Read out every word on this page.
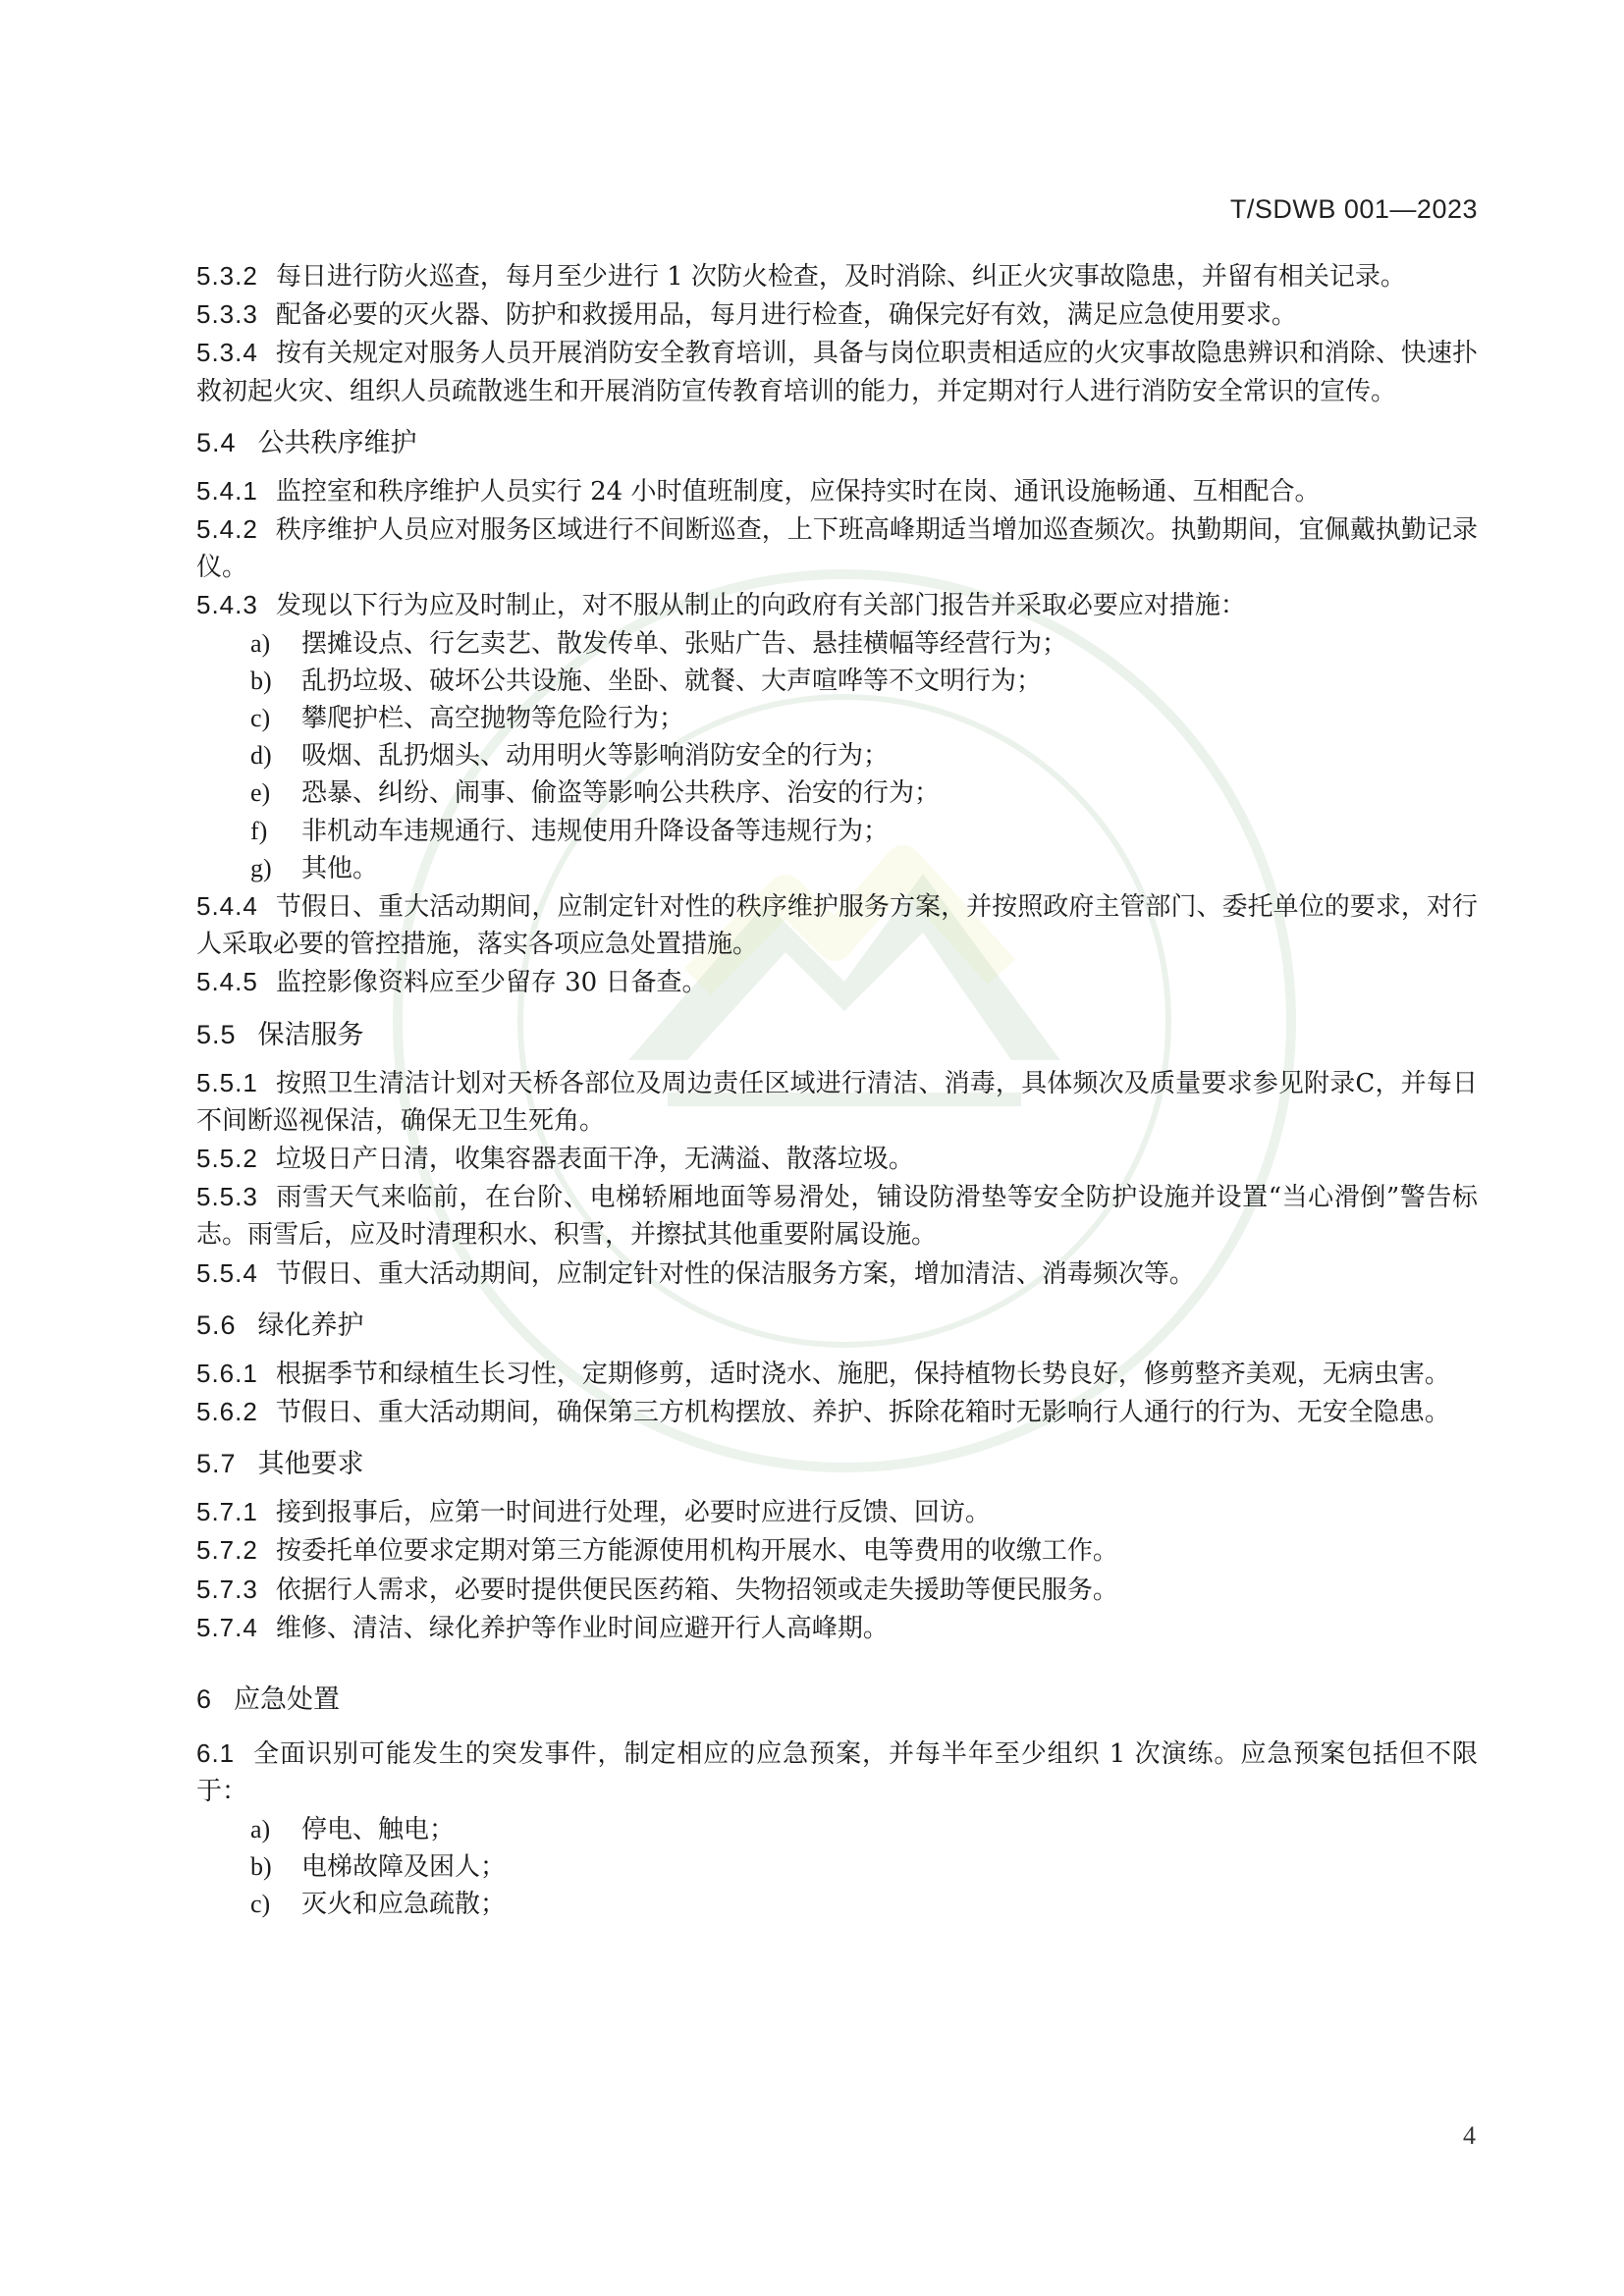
T/SDWB 001—2023

5.3.2 每日进行防火巡查，每月至少进行 1 次防火检查，及时消除、纠正火灾事故隐患，并留有相关记录。

5.3.3 配备必要的灭火器、防护和救援用品，每月进行检查，确保完好有效，满足应急使用要求。

5.3.4 按有关规定对服务人员开展消防安全教育培训，具备与岗位职责相适应的火灾事故隐患辨识和消除、快速扑救初起火灾、组织人员疏散逃生和开展消防宣传教育培训的能力，并定期对行人进行消防安全常识的宣传。

5.4 公共秩序维护

5.4.1 监控室和秩序维护人员实行 24 小时值班制度，应保持实时在岗、通讯设施畅通、互相配合。

5.4.2 秩序维护人员应对服务区域进行不间断巡查，上下班高峰期适当增加巡查频次。执勤期间，宜佩戴执勤记录仪。

5.4.3 发现以下行为应及时制止，对不服从制止的向政府有关部门报告并采取必要应对措施：

a) 摆摊设点、行乞卖艺、散发传单、张贴广告、悬挂横幅等经营行为；
b) 乱扔垃圾、破坏公共设施、坐卧、就餐、大声喧哗等不文明行为；
c) 攀爬护栏、高空抛物等危险行为；
d) 吸烟、乱扔烟头、动用明火等影响消防安全的行为；
e) 恐暴、纠纷、闹事、偷盗等影响公共秩序、治安的行为；
f) 非机动车违规通行、违规使用升降设备等违规行为；
g) 其他。

5.4.4 节假日、重大活动期间，应制定针对性的秩序维护服务方案，并按照政府主管部门、委托单位的要求，对行人采取必要的管控措施，落实各项应急处置措施。

5.4.5 监控影像资料应至少留存 30 日备查。

5.5 保洁服务

5.5.1 按照卫生清洁计划对天桥各部位及周边责任区域进行清洁、消毒，具体频次及质量要求参见附录C，并每日不间断巡视保洁，确保无卫生死角。

5.5.2 垃圾日产日清，收集容器表面干净，无满溢、散落垃圾。

5.5.3 雨雪天气来临前，在台阶、电梯轿厢地面等易滑处，铺设防滑垫等安全防护设施并设置“当心滑倒”警告标志。雨雪后，应及时清理积水、积雪，并擦拭其他重要附属设施。

5.5.4 节假日、重大活动期间，应制定针对性的保洁服务方案，增加清洁、消毒频次等。

5.6 绿化养护

5.6.1 根据季节和绿植生长习性，定期修剪，适时浇水、施肥，保持植物长势良好，修剪整齐美观，无病虫害。

5.6.2 节假日、重大活动期间，确保第三方机构摆放、养护、拆除花箱时无影响行人通行的行为、无安全隐患。

5.7 其他要求

5.7.1 接到报事后，应第一时间进行处理，必要时应进行反馈、回访。

5.7.2 按委托单位要求定期对第三方能源使用机构开展水、电等费用的收缴工作。

5.7.3 依据行人需求，必要时提供便民医药箱、失物招领或走失援助等便民服务。

5.7.4 维修、清洁、绿化养护等作业时间应避开行人高峰期。

6 应急处置

6.1 全面识别可能发生的突发事件，制定相应的应急预案，并每半年至少组织 1 次演练。应急预案包括但不限于：

a) 停电、触电；
b) 电梯故障及困人；
c) 灭火和应急疏散；
4
